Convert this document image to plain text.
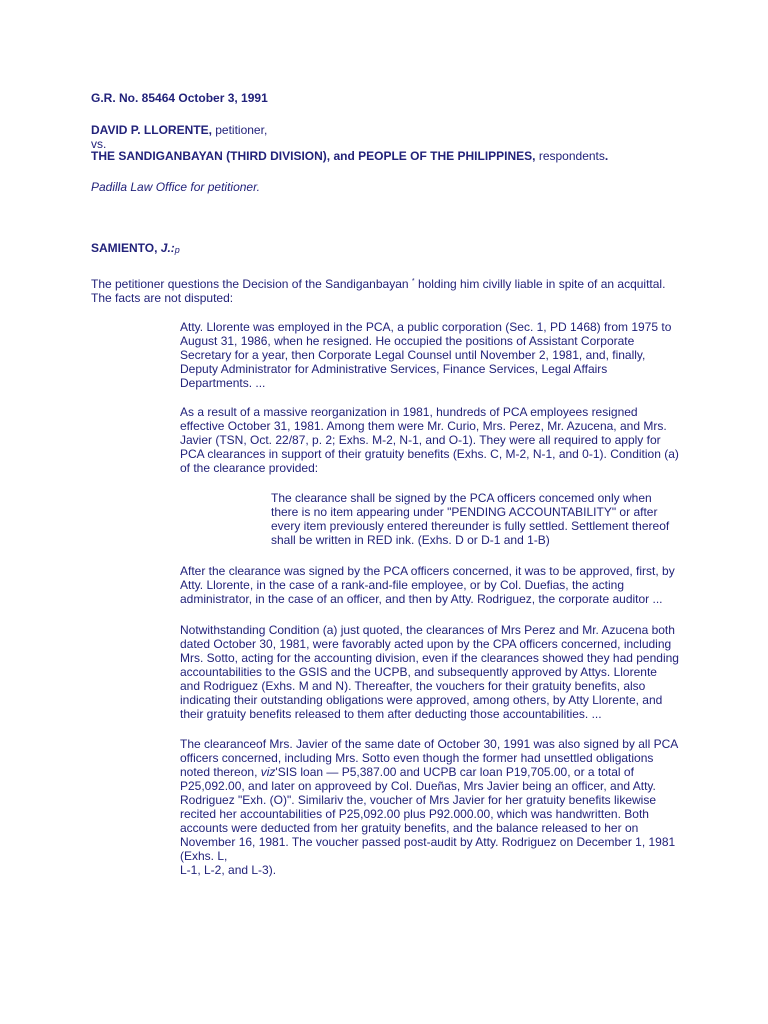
G.R. No. 85464 October 3, 1991
DAVID P. LLORENTE, petitioner,
vs.
THE SANDIGANBAYAN (THIRD DIVISION), and PEOPLE OF THE PHILIPPINES, respondents.
Padilla Law Office for petitioner.
SAMIENTO, J.:p

The petitioner questions the Decision of the Sandiganbayan * holding him civilly liable in spite of an acquittal.
The facts are not disputed:

Atty. Llorente was employed in the PCA, a public corporation (Sec. 1, PD 1468) from 1975 to
August 31, 1986, when he resigned. He occupied the positions of Assistant Corporate
Secretary for a year, then Corporate Legal Counsel until November 2, 1981, and, finally,
Deputy Administrator for Administrative Services, Finance Services, Legal Affairs
Departments. ...

As a result of a massive reorganization in 1981, hundreds of PCA employees resigned
effective October 31, 1981. Among them were Mr. Curio, Mrs. Perez, Mr. Azucena, and Mrs.
Javier (TSN, Oct. 22/87, p. 2; Exhs. M-2, N-1, and O-1). They were all required to apply for
PCA clearances in support of their gratuity benefits (Exhs. C, M-2, N-1, and 0-1). Condition (a)
of the clearance provided:

The clearance shall be signed by the PCA officers concemed only when
there is no item appearing under "PENDING ACCOUNTABILITY" or after
every item previously entered thereunder is fully settled. Settlement thereof
shall be written in RED ink. (Exhs. D or D-1 and 1-B)

After the clearance was signed by the PCA officers concerned, it was to be approved, first, by
Atty. Llorente, in the case of a rank-and-file employee, or by Col. Duefias, the acting
administrator, in the case of an officer, and then by Atty. Rodriguez, the corporate auditor ...

Notwithstanding Condition (a) just quoted, the clearances of Mrs Perez and Mr. Azucena both
dated October 30, 1981, were favorably acted upon by the CPA officers concerned, including
Mrs. Sotto, acting for the accounting division, even if the clearances showed they had pending
accountabilities to the GSIS and the UCPB, and subsequently approved by Attys. Llorente
and Rodriguez (Exhs. M and N). Thereafter, the vouchers for their gratuity benefits, also
indicating their outstanding obligations were approved, among others, by Atty Llorente, and
their gratuity benefits released to them after deducting those accountabilities. ...

The clearanceof Mrs. Javier of the same date of October 30, 1991 was also signed by all PCA
officers concerned, including Mrs. Sotto even though the former had unsettled obligations
noted thereon, viz'SIS loan — P5,387.00 and UCPB car loan P19,705.00, or a total of
P25,092.00, and later on approveed by Col. Dueñas, Mrs Javier being an officer, and Atty.
Rodriguez "Exh. (O)". Similariv the, voucher of Mrs Javier for her gratuity benefits likewise
recited her accountabilities of P25,092.00 plus P92.000.00, which was handwritten. Both
accounts were deducted from her gratuity benefits, and the balance released to her on
November 16, 1981. The voucher passed post-audit by Atty. Rodriguez on December 1, 1981
(Exhs. L,
L-1, L-2, and L-3).
